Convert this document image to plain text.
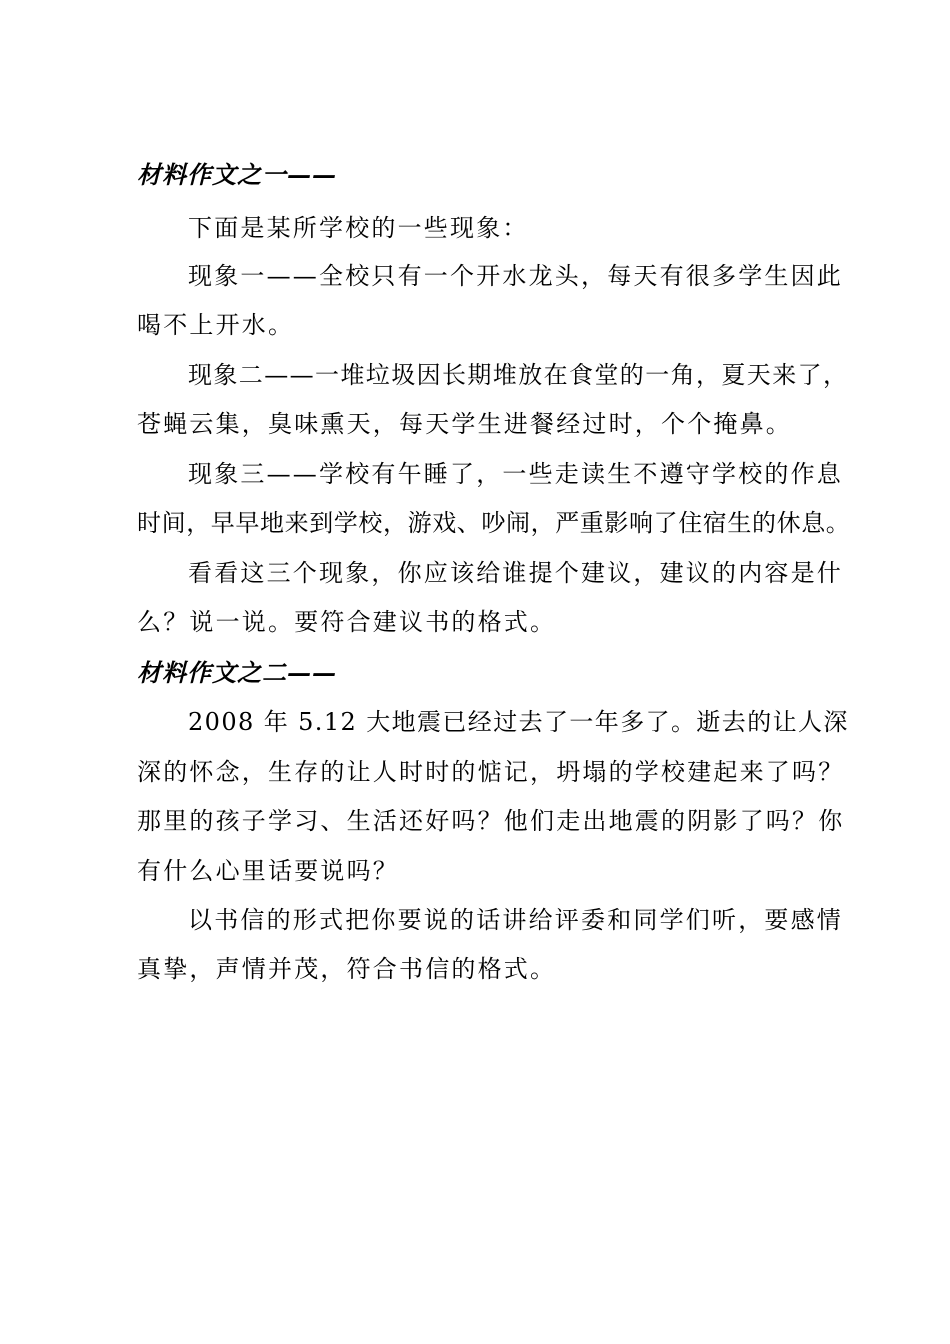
材料作文之一——
下面是某所学校的一些现象：
现象一——全校只有一个开水龙头，每天有很多学生因此
喝不上开水。
现象二——一堆垃圾因长期堆放在食堂的一角，夏天来了，
苍蝇云集，臭味熏天，每天学生进餐经过时，个个掩鼻。
现象三——学校有午睡了，一些走读生不遵守学校的作息
时间，早早地来到学校，游戏、吵闹，严重影响了住宿生的休息。
看看这三个现象，你应该给谁提个建议，建议的内容是什
么？说一说。要符合建议书的格式。
材料作文之二——
2008 年 5.12 大地震已经过去了一年多了。逝去的让人深
深的怀念，生存的让人时时的惦记，坍塌的学校建起来了吗？
那里的孩子学习、生活还好吗？他们走出地震的阴影了吗？你
有什么心里话要说吗？
以书信的形式把你要说的话讲给评委和同学们听，要感情
真挚，声情并茂，符合书信的格式。
